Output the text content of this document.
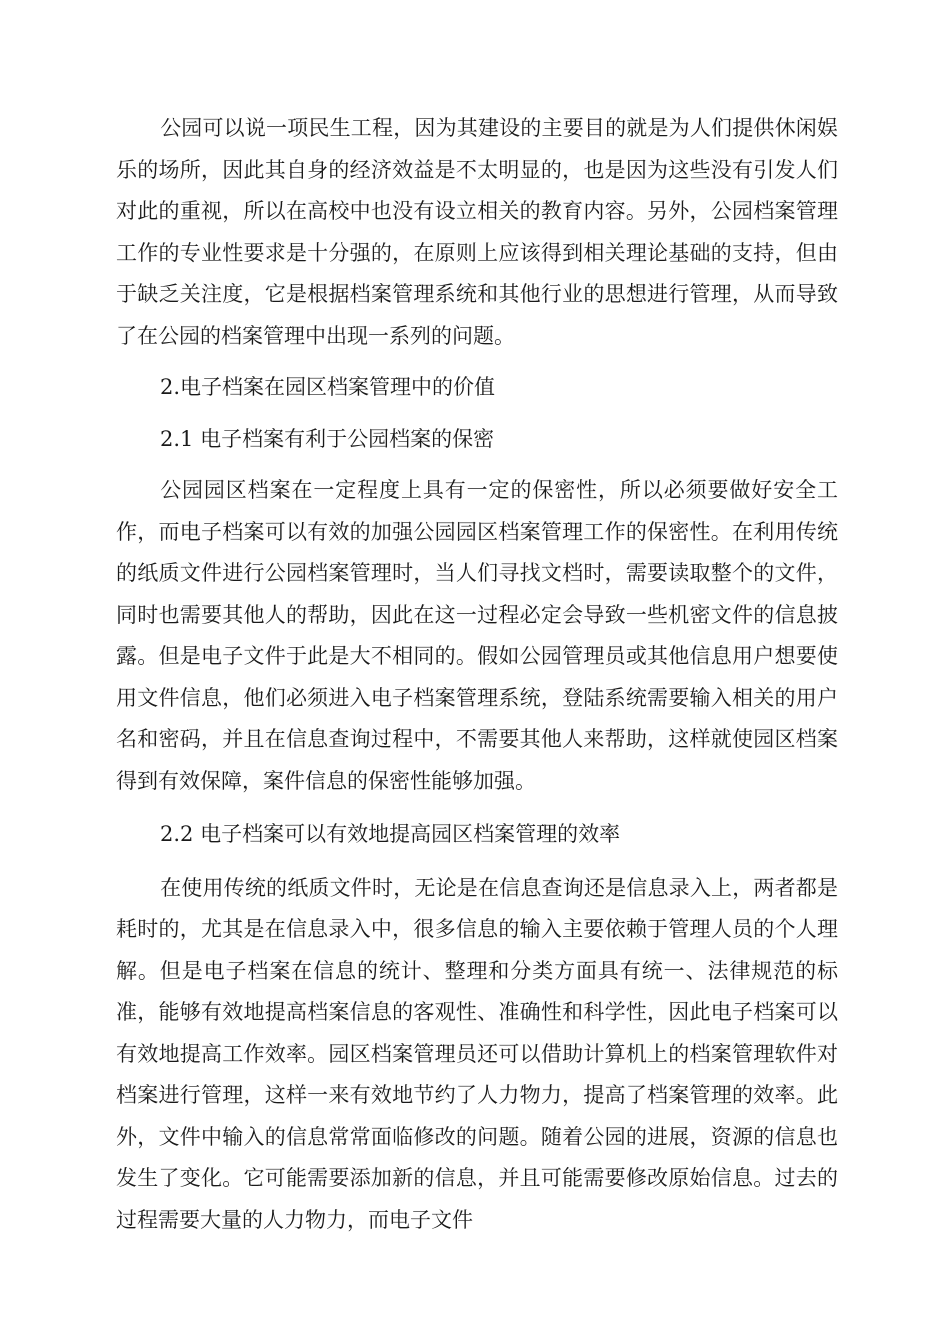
公园可以说一项民生工程，因为其建设的主要目的就是为人们提供休闲娱乐的场所，因此其自身的经济效益是不太明显的，也是因为这些没有引发人们对此的重视，所以在高校中也没有设立相关的教育内容。另外，公园档案管理工作的专业性要求是十分强的，在原则上应该得到相关理论基础的支持，但由于缺乏关注度，它是根据档案管理系统和其他行业的思想进行管理，从而导致了在公园的档案管理中出现一系列的问题。

2.电子档案在园区档案管理中的价值

2.1 电子档案有利于公园档案的保密

公园园区档案在一定程度上具有一定的保密性，所以必须要做好安全工作，而电子档案可以有效的加强公园园区档案管理工作的保密性。在利用传统的纸质文件进行公园档案管理时，当人们寻找文档时，需要读取整个的文件，同时也需要其他人的帮助，因此在这一过程必定会导致一些机密文件的信息披露。但是电子文件于此是大不相同的。假如公园管理员或其他信息用户想要使用文件信息，他们必须进入电子档案管理系统，登陆系统需要输入相关的用户名和密码，并且在信息查询过程中，不需要其他人来帮助，这样就使园区档案得到有效保障，案件信息的保密性能够加强。

2.2 电子档案可以有效地提高园区档案管理的效率

在使用传统的纸质文件时，无论是在信息查询还是信息录入上，两者都是耗时的，尤其是在信息录入中，很多信息的输入主要依赖于管理人员的个人理解。但是电子档案在信息的统计、整理和分类方面具有统一、法律规范的标准，能够有效地提高档案信息的客观性、准确性和科学性，因此电子档案可以有效地提高工作效率。园区档案管理员还可以借助计算机上的档案管理软件对档案进行管理，这样一来有效地节约了人力物力，提高了档案管理的效率。此外，文件中输入的信息常常面临修改的问题。随着公园的进展，资源的信息也发生了变化。它可能需要添加新的信息，并且可能需要修改原始信息。过去的过程需要大量的人力物力，而电子文件
